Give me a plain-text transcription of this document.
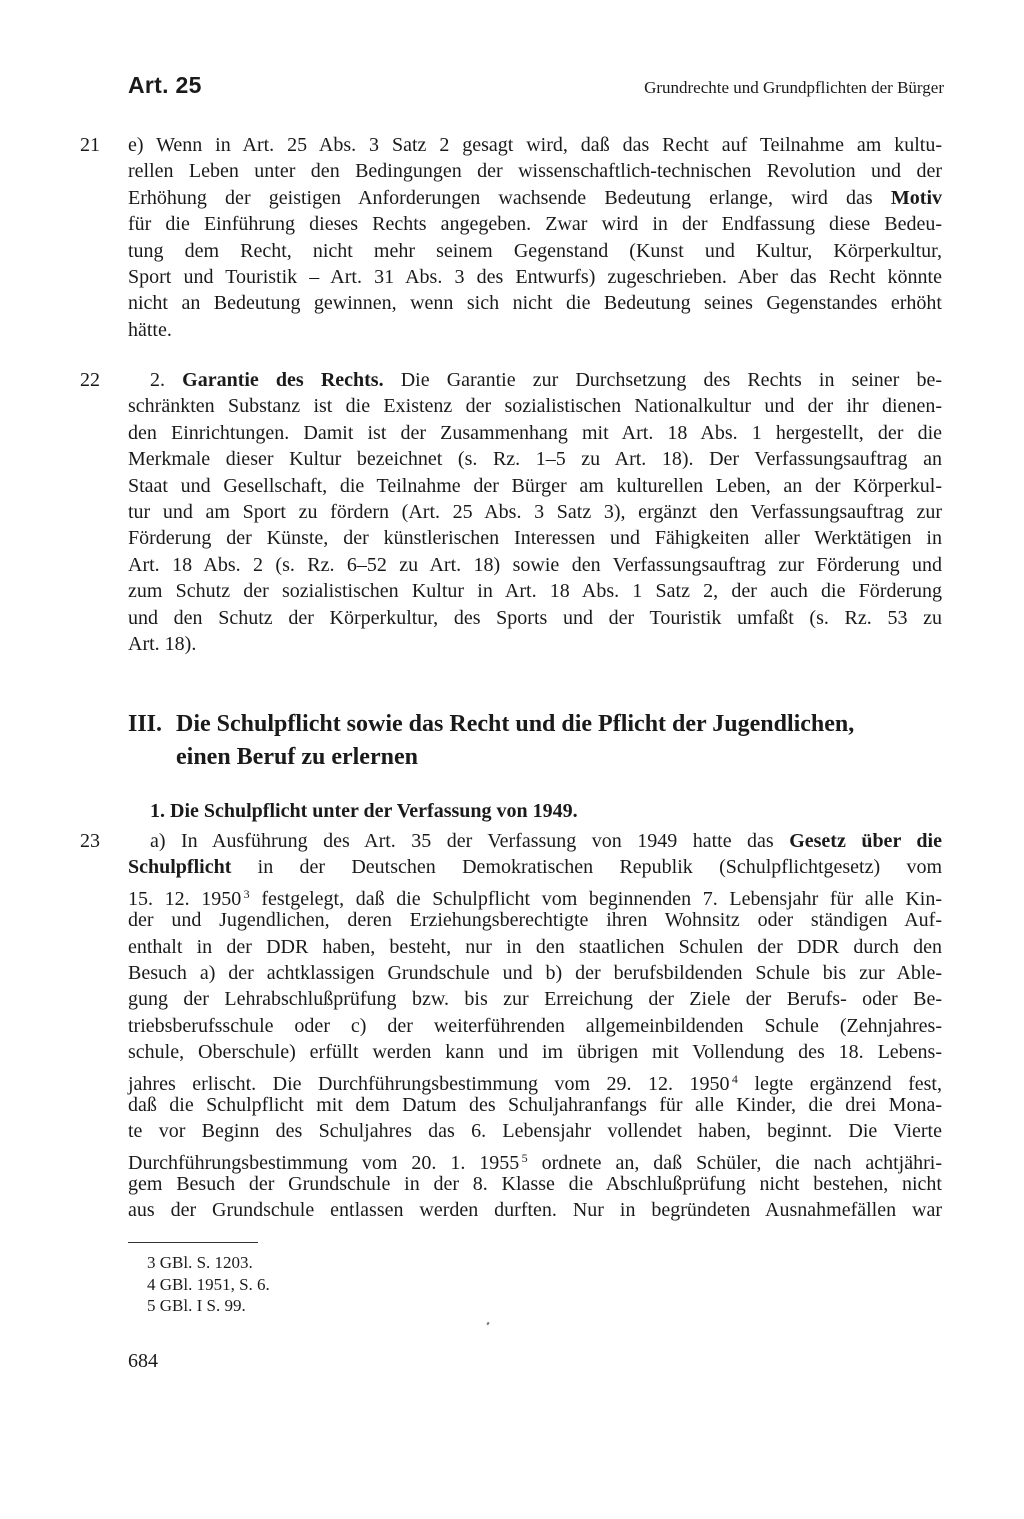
Art. 25	Grundrechte und Grundpflichten der Bürger
21 e) Wenn in Art. 25 Abs. 3 Satz 2 gesagt wird, daß das Recht auf Teilnahme am kultu-
rellen Leben unter den Bedingungen der wissenschaftlich-technischen Revolution und der
Erhöhung der geistigen Anforderungen wachsende Bedeutung erlange, wird das Motiv
für die Einführung dieses Rechts angegeben. Zwar wird in der Endfassung diese Bedeu-
tung dem Recht, nicht mehr seinem Gegenstand (Kunst und Kultur, Körperkultur,
Sport und Touristik – Art. 31 Abs. 3 des Entwurfs) zugeschrieben. Aber das Recht könnte
nicht an Bedeutung gewinnen, wenn sich nicht die Bedeutung seines Gegenstandes erhöht
hätte.
22	2. Garantie des Rechts. Die Garantie zur Durchsetzung des Rechts in seiner be-
schränkten Substanz ist die Existenz der sozialistischen Nationalkultur und der ihr dienen-
den Einrichtungen. Damit ist der Zusammenhang mit Art. 18 Abs. 1 hergestellt, der die
Merkmale dieser Kultur bezeichnet (s. Rz. 1–5 zu Art. 18). Der Verfassungsauftrag an
Staat und Gesellschaft, die Teilnahme der Bürger am kulturellen Leben, an der Körperkul-
tur und am Sport zu fördern (Art. 25 Abs. 3 Satz 3), ergänzt den Verfassungsauftrag zur
Förderung der Künste, der künstlerischen Interessen und Fähigkeiten aller Werktätigen in
Art. 18 Abs. 2 (s. Rz. 6–52 zu Art. 18) sowie den Verfassungsauftrag zur Förderung und
zum Schutz der sozialistischen Kultur in Art. 18 Abs. 1 Satz 2, der auch die Förderung
und den Schutz der Körperkultur, des Sports und der Touristik umfaßt (s. Rz. 53 zu
Art. 18).
III. Die Schulpflicht sowie das Recht und die Pflicht der Jugendlichen,
einen Beruf zu erlernen
1. Die Schulpflicht unter der Verfassung von 1949.
23	a) In Ausführung des Art. 35 der Verfassung von 1949 hatte das Gesetz über die
Schulpflicht in der Deutschen Demokratischen Republik (Schulpflichtgesetz) vom
15. 12. 1950 $^3$ festgelegt, daß die Schulpflicht vom beginnenden 7. Lebensjahr für alle Kin-
der und Jugendlichen, deren Erziehungsberechtigte ihren Wohnsitz oder ständigen Auf-
enthalt in der DDR haben, besteht, nur in den staatlichen Schulen der DDR durch den
Besuch a) der achtklassigen Grundschule und b) der berufsbildenden Schule bis zur Able-
gung der Lehrabschlußprüfung bzw. bis zur Erreichung der Ziele der Berufs- oder Be-
triebsberufsschule oder c) der weiterführenden allgemeinbildenden Schule (Zehnjahres-
schule, Oberschule) erfüllt werden kann und im übrigen mit Vollendung des 18. Lebens-
jahres erlischt. Die Durchführungsbestimmung vom 29. 12. 1950 $^4$ legte ergänzend fest,
daß die Schulpflicht mit dem Datum des Schuljahranfangs für alle Kinder, die drei Mona-
te vor Beginn des Schuljahres das 6. Lebensjahr vollendet haben, beginnt. Die Vierte
Durchführungsbestimmung vom 20. 1. 1955 $^5$ ordnete an, daß Schüler, die nach achtjähri-
gem Besuch der Grundschule in der 8. Klasse die Abschlußprüfung nicht bestehen, nicht
aus der Grundschule entlassen werden durften. Nur in begründeten Ausnahmefällen war
3 GBl. S. 1203.
4 GBl. 1951, S. 6.
5 GBl. I S. 99.
684
